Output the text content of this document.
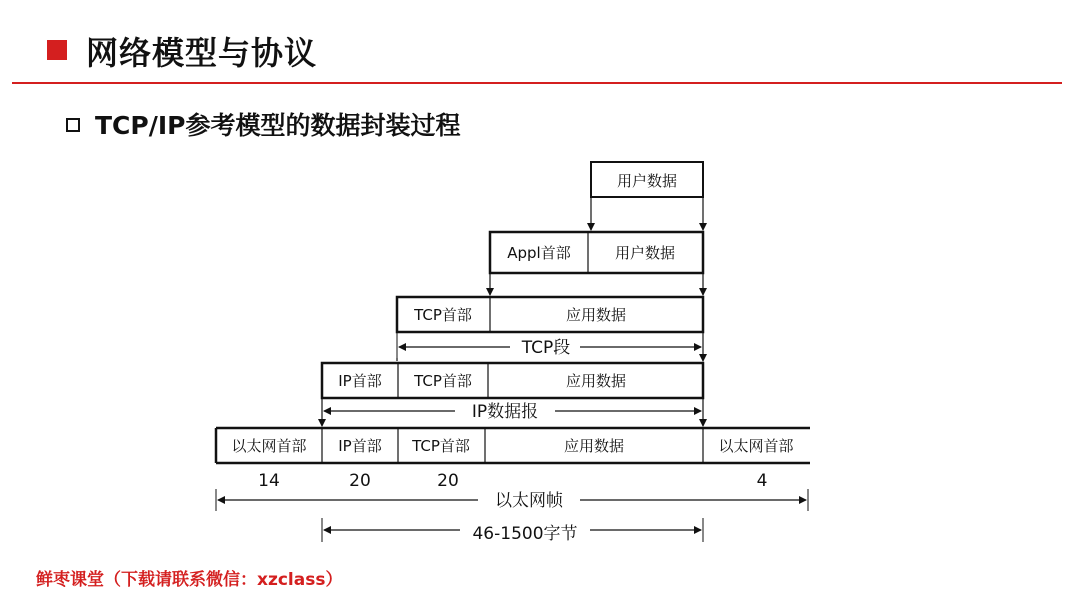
网络模型与协议
TCP/IP参考模型的数据封装过程
用户数据
Appl首部	用户数据
TCP首部	应用数据
TCP段
IP首部 TCP首部	应用数据
IP数据报
以太网首部 IP首部 TCP首部	应用数据	以太网首部
14	20	20	4
以太网帧
46-1500字节
鲜枣课堂（下载请联系微信：xzclass）
